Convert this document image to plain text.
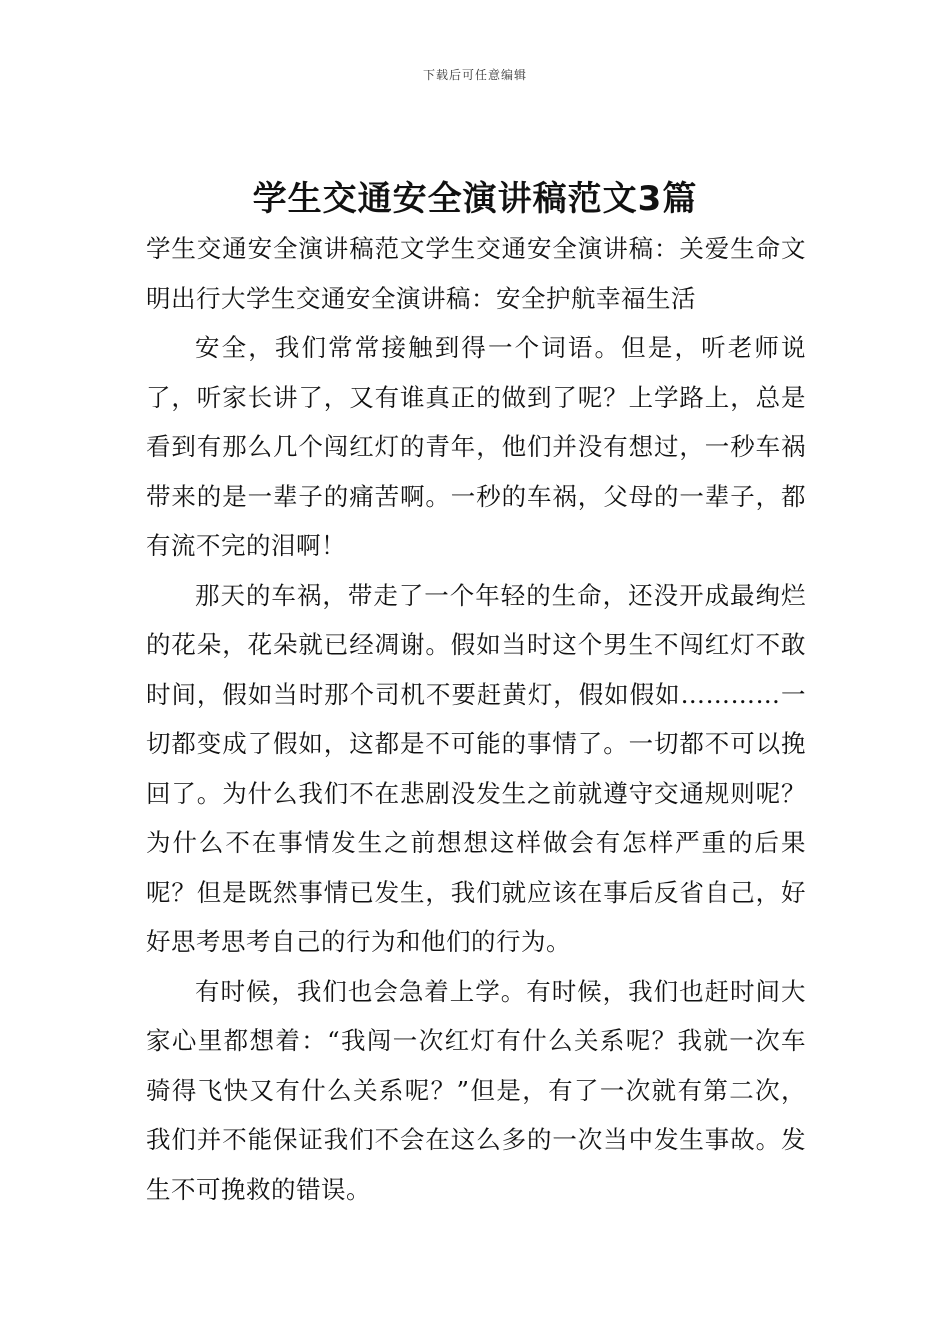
下载后可任意编辑
学生交通安全演讲稿范文3篇

学生交通安全演讲稿范文学生交通安全演讲稿：关爱生命文明出行大学生交通安全演讲稿：安全护航幸福生活

安全，我们常常接触到得一个词语。但是，听老师说了，听家长讲了，又有谁真正的做到了呢？上学路上，总是看到有那么几个闯红灯的青年，他们并没有想过，一秒车祸带来的是一辈子的痛苦啊。一秒的车祸，父母的一辈子，都有流不完的泪啊！

那天的车祸，带走了一个年轻的生命，还没开成最绚烂的花朵，花朵就已经凋谢。假如当时这个男生不闯红灯不敢时间，假如当时那个司机不要赶黄灯，假如假如…………一切都变成了假如，这都是不可能的事情了。一切都不可以挽回了。为什么我们不在悲剧没发生之前就遵守交通规则呢？为什么不在事情发生之前想想这样做会有怎样严重的后果呢？但是既然事情已发生，我们就应该在事后反省自己，好好思考思考自己的行为和他们的行为。

有时候，我们也会急着上学。有时候，我们也赶时间大家心里都想着：“我闯一次红灯有什么关系呢？我就一次车骑得飞快又有什么关系呢？”但是，有了一次就有第二次，我们并不能保证我们不会在这么多的一次当中发生事故。发生不可挽救的错误。
